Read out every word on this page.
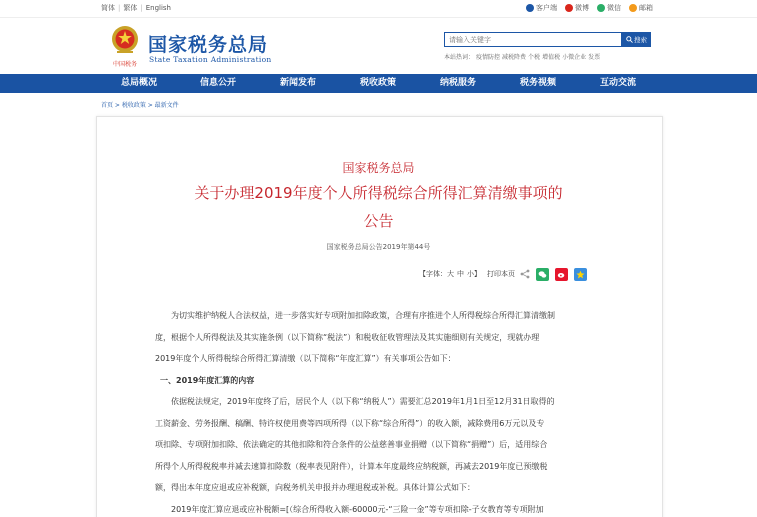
简体 | 繁体 | English	客户端	微博	微信	邮箱
中国税务
国家税务总局
State Taxation Administration
请输入关键字
搜索
本站热词： 疫情防控 减税降费 个税 增值税 小微企业 发票
总局概况	信息公开	新闻发布	税收政策	纳税服务	税务视频	互动交流
首页 > 税收政策 > 最新文件
国家税务总局
关于办理2019年度个人所得税综合所得汇算清缴事项的
公告
国家税务总局公告2019年第44号
【字体： 大 中 小】 打印本页
为切实维护纳税人合法权益，进一步落实好专项附加扣除政策，合理有序推进个人所得税综合所得汇算清缴制
度，根据个人所得税法及其实施条例（以下简称“税法”）和税收征收管理法及其实施细则有关规定，现就办理
2019年度个人所得税综合所得汇算清缴（以下简称“年度汇算”）有关事项公告如下：
一、2019年度汇算的内容
依据税法规定，2019年度终了后，居民个人（以下称“纳税人”）需要汇总2019年1月1日至12月31日取得的
工资薪金、劳务报酬、稿酬、特许权使用费等四项所得（以下称“综合所得”）的收入额，减除费用6万元以及专
项扣除、专项附加扣除、依法确定的其他扣除和符合条件的公益慈善事业捐赠（以下简称“捐赠”）后，适用综合
所得个人所得税税率并减去速算扣除数（税率表见附件），计算本年度最终应纳税额，再减去2019年度已预缴税
额，得出本年度应退或应补税额，向税务机关申报并办理退税或补税。具体计算公式如下：
2019年度汇算应退或应补税额=[（综合所得收入额-60000元-“三险一金”等专项扣除-子女教育等专项附加
